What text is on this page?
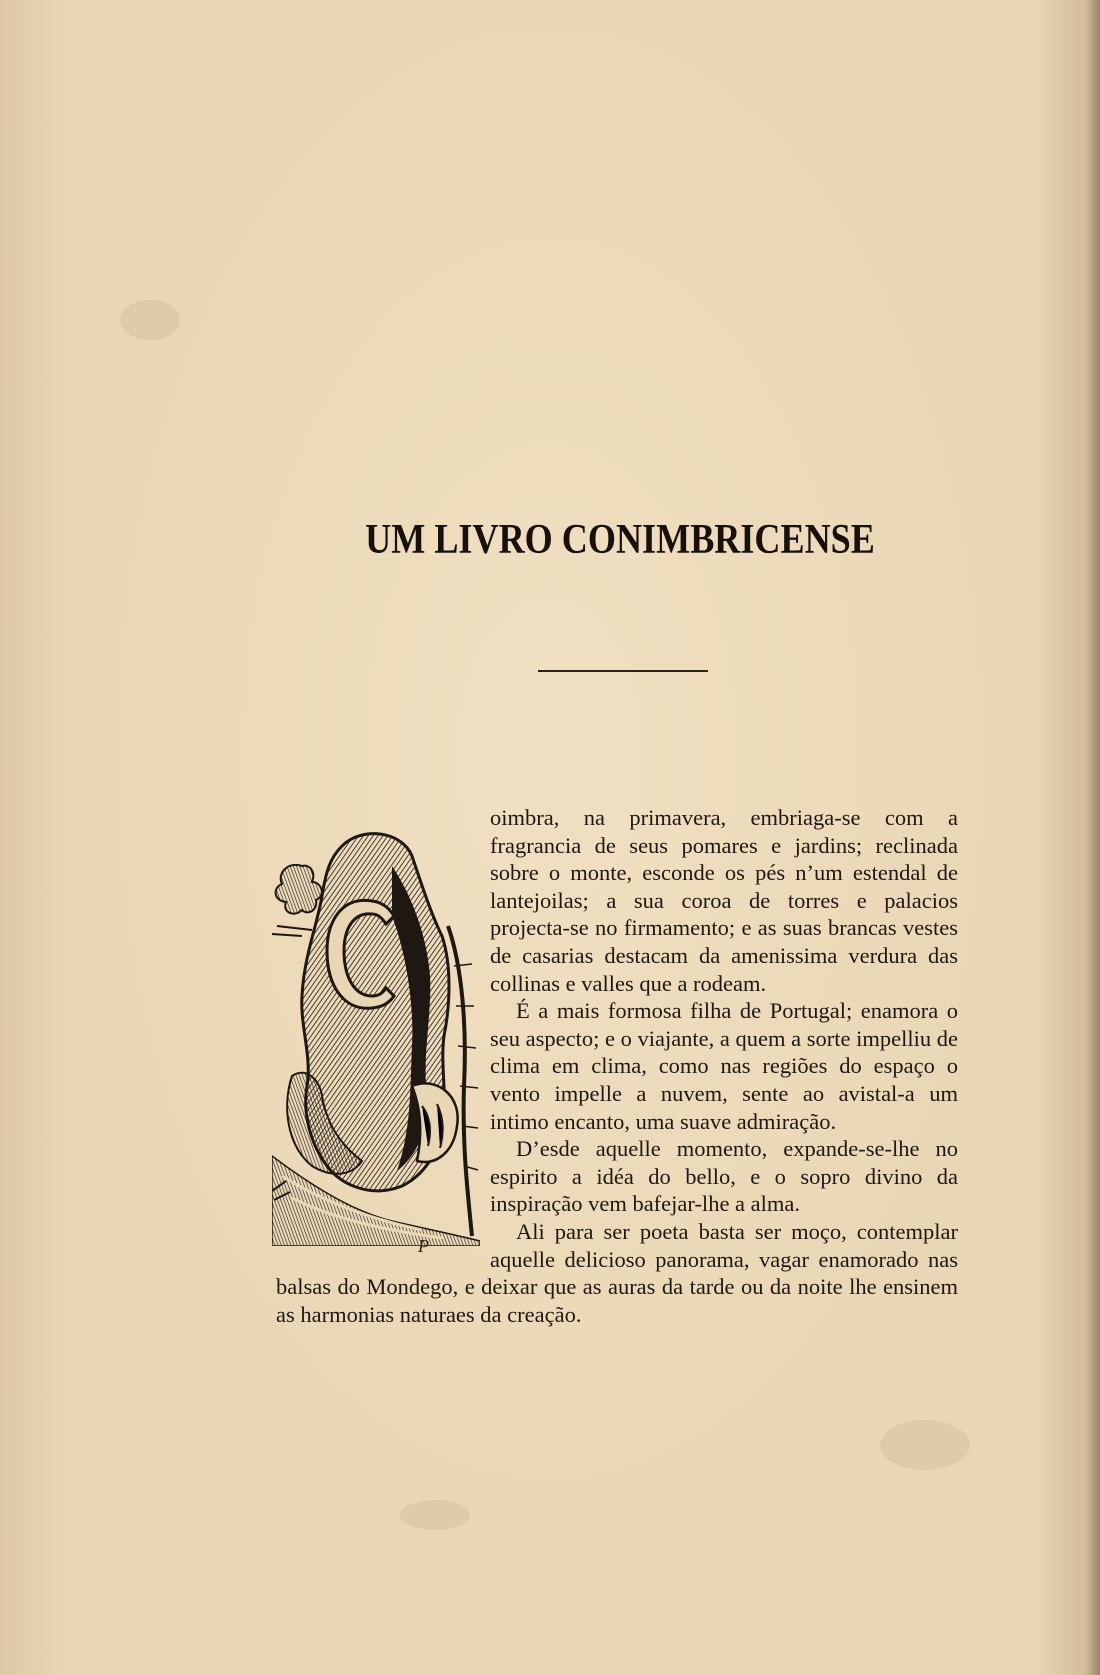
UM LIVRO CONIMBRICENSE
P

oimbra, na primavera, embriaga-se com a fragrancia de seus pomares e jardins; reclinada sobre o monte, esconde os pés n’um estendal de lantejoilas; a sua coroa de torres e palacios projecta-se no firmamento; e as suas brancas vestes de casarias destacam da amenissima verdura das collinas e valles que a rodeam.

É a mais formosa filha de Portugal; enamora o seu aspecto; e o viajante, a quem a sorte impelliu de clima em clima, como nas regiões do espaço o vento impelle a nuvem, sente ao avistal-a um intimo encanto, uma suave admiração.

D’esde aquelle momento, expande-se-lhe no espirito a idéa do bello, e o sopro divino da inspiração vem bafejar-lhe a alma.

Ali para ser poeta basta ser moço, contemplar aquelle delicioso panorama, vagar enamorado nas balsas do Mondego, e deixar que as auras da tarde ou da noite lhe ensinem as harmonias naturaes da creação.
